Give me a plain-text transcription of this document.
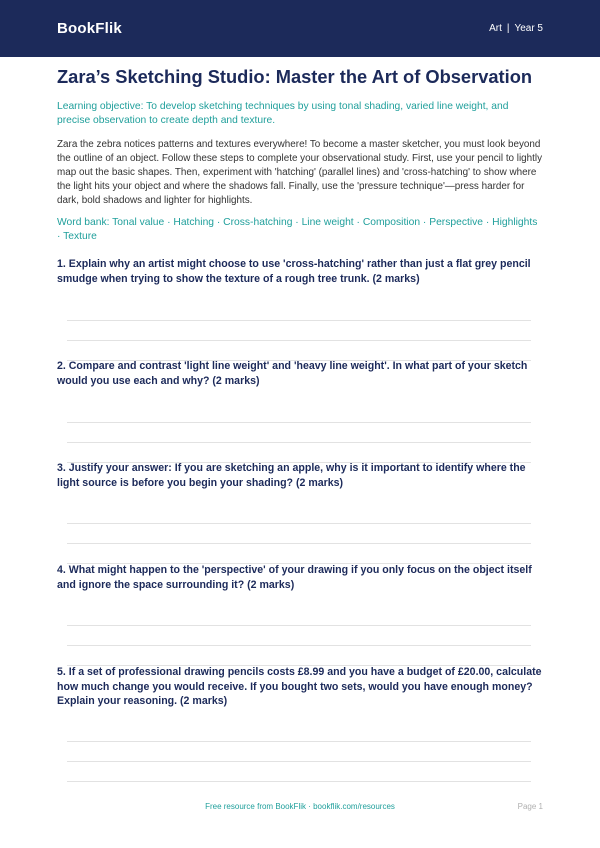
BookFlik	Art | Year 5
Zara’s Sketching Studio: Master the Art of Observation

Learning objective: To develop sketching techniques by using tonal shading, varied line weight, and precise observation to create depth and texture.

Zara the zebra notices patterns and textures everywhere! To become a master sketcher, you must look beyond the outline of an object. Follow these steps to complete your observational study. First, use your pencil to lightly map out the basic shapes. Then, experiment with 'hatching' (parallel lines) and 'cross-hatching' to show where the light hits your object and where the shadows fall. Finally, use the 'pressure technique'—press harder for dark, bold shadows and lighter for highlights.

Word bank: Tonal value · Hatching · Cross-hatching · Line weight · Composition · Perspective · Highlights · Texture

1. Explain why an artist might choose to use 'cross-hatching' rather than just a flat grey pencil smudge when trying to show the texture of a rough tree trunk. (2 marks)
2. Compare and contrast 'light line weight' and 'heavy line weight'. In what part of your sketch would you use each and why? (2 marks)
3. Justify your answer: If you are sketching an apple, why is it important to identify where the light source is before you begin your shading? (2 marks)
4. What might happen to the 'perspective' of your drawing if you only focus on the object itself and ignore the space surrounding it? (2 marks)
5. If a set of professional drawing pencils costs £8.99 and you have a budget of £20.00, calculate how much change you would receive. If you bought two sets, would you have enough money? Explain your reasoning. (2 marks)
Free resource from BookFlik · bookflik.com/resources	Page 1
